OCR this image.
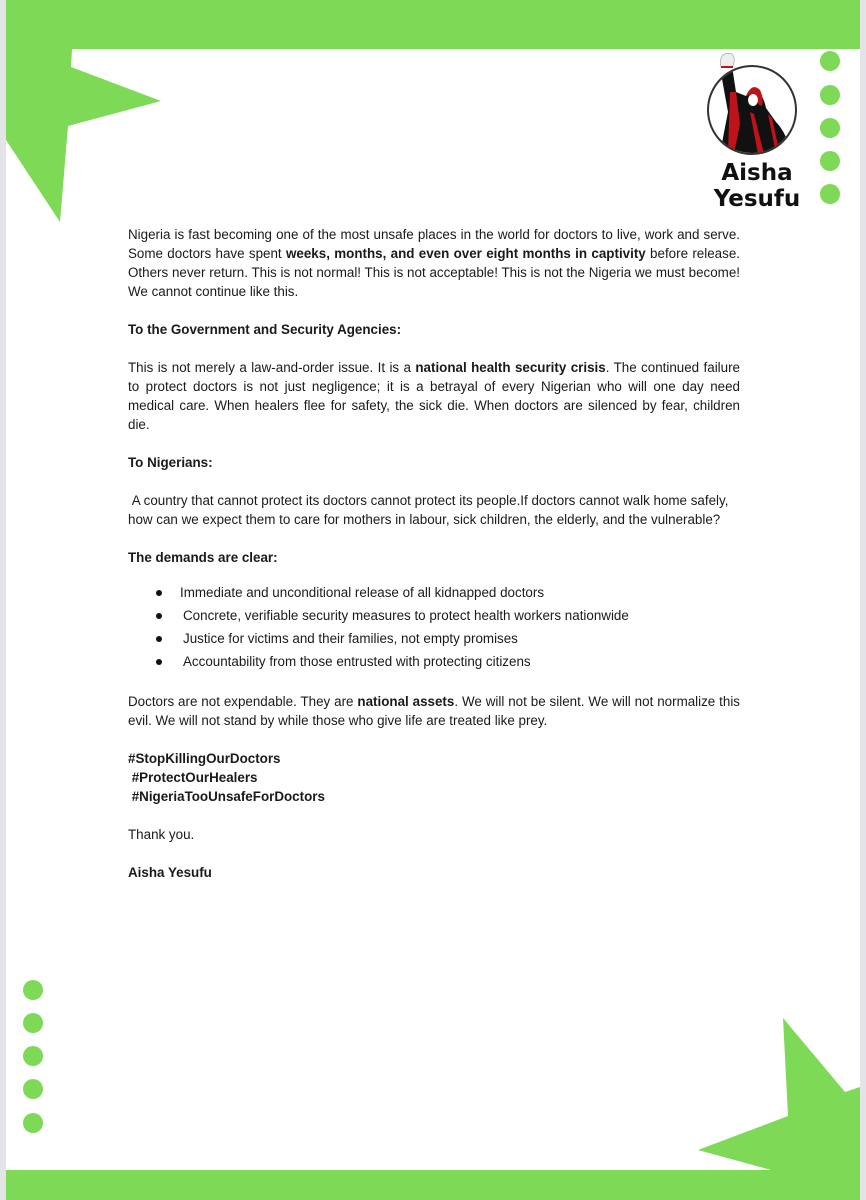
Aisha
Yesufu

Nigeria is fast becoming one of the most unsafe places in the world for doctors to live, work and serve. Some doctors have spent weeks, months, and even over eight months in captivity before release. Others never return. This is not normal! This is not acceptable! This is not the Nigeria we must become! We cannot continue like this.

To the Government and Security Agencies:

This is not merely a law-and-order issue. It is a national health security crisis. The continued failure to protect doctors is not just negligence; it is a betrayal of every Nigerian who will one day need medical care. When healers flee for safety, the sick die. When doctors are silenced by fear, children die.

To Nigerians:

A country that cannot protect its doctors cannot protect its people.If doctors cannot walk home safely, how can we expect them to care for mothers in labour, sick children, the elderly, and the vulnerable?

The demands are clear:
Immediate and unconditional release of all kidnapped doctors
Concrete, verifiable security measures to protect health workers nationwide
Justice for victims and their families, not empty promises
Accountability from those entrusted with protecting citizens

Doctors are not expendable. They are national assets. We will not be silent. We will not normalize this evil. We will not stand by while those who give life are treated like prey.

#StopKillingOurDoctors
#ProtectOurHealers
#NigeriaTooUnsafeForDoctors

Thank you.

Aisha Yesufu
